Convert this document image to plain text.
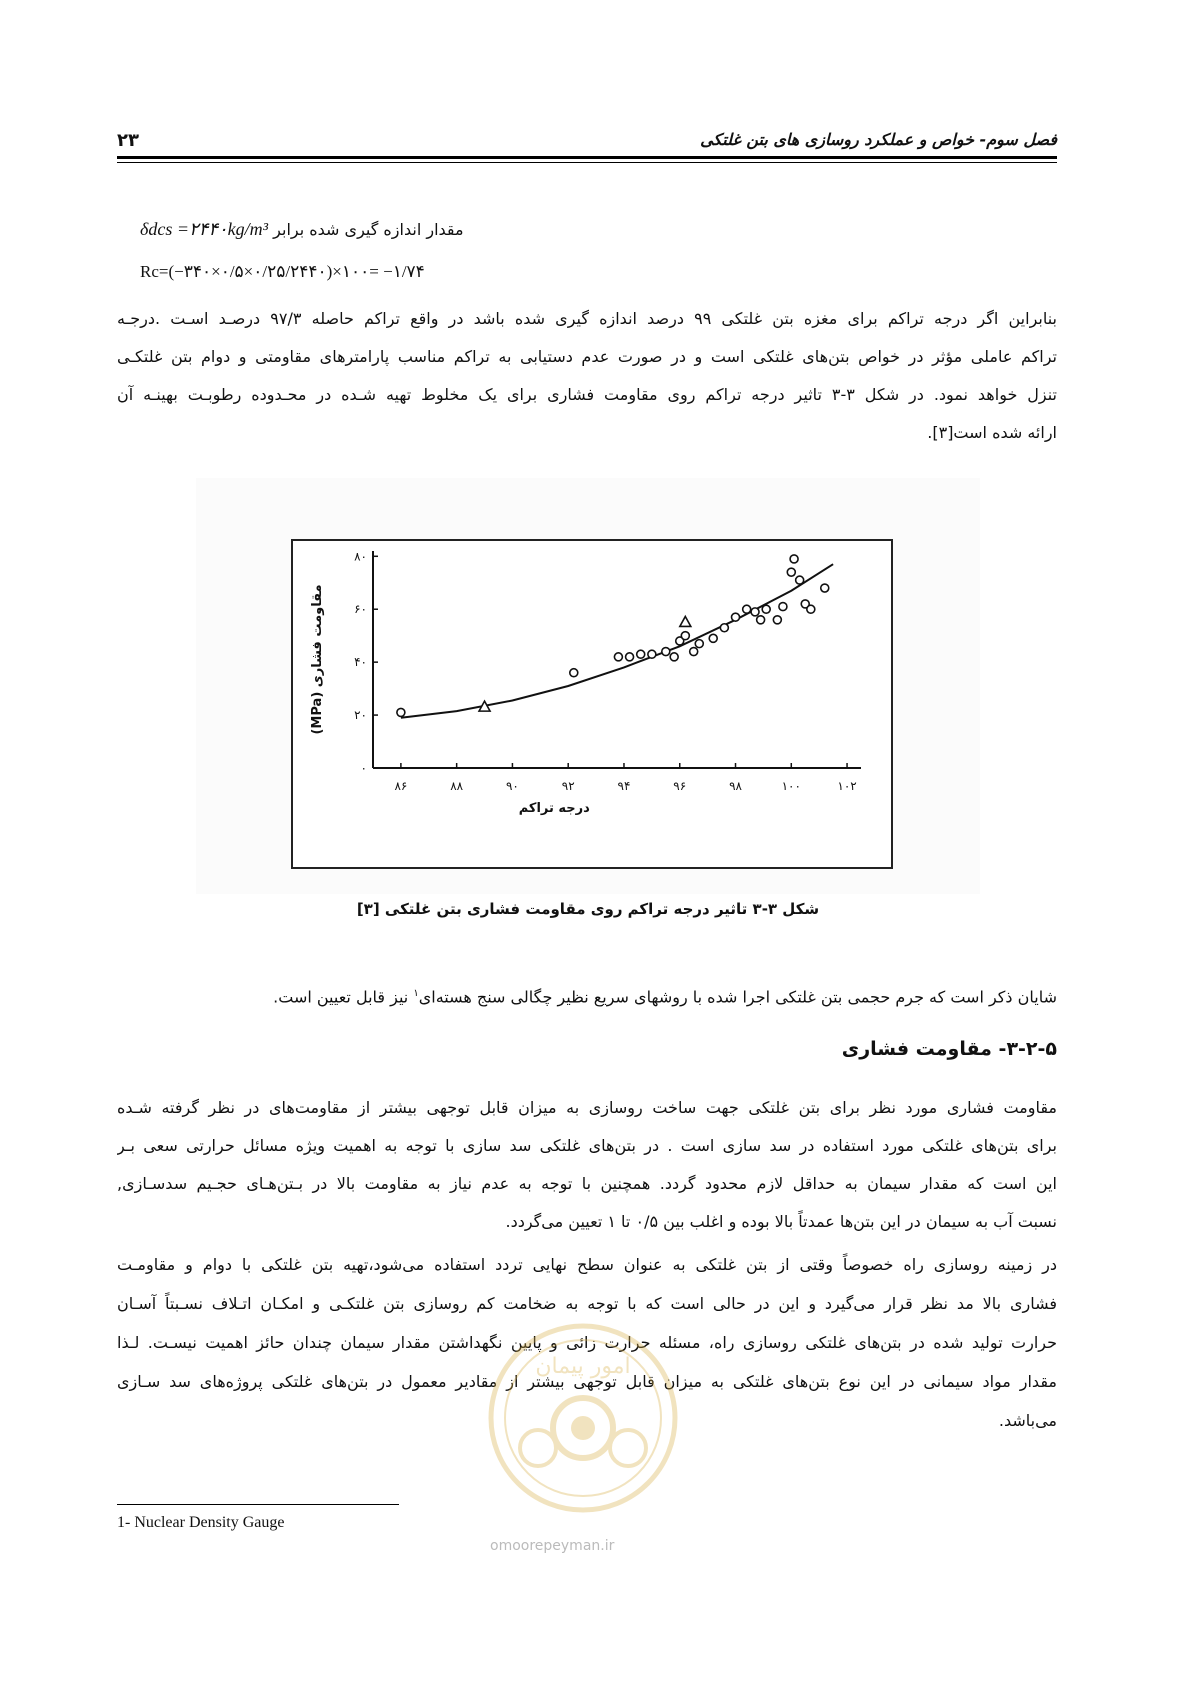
۲۳	فصل سوم- خواص و عملکرد روسازی های بتن غلتکی
مقدار اندازه گیری شده برابر δdcs =۲۴۴۰kg/m³
Rc=(−۳۴۰×۰/۵×۰/۲۵/۲۴۴۰)×۱۰۰= −۱/۷۴
بنابراین اگر درجه تراکم برای مغزه بتن غلتکی ۹۹ درصد اندازه گیری شده باشد در واقع تراکم حاصله ۹۷/۳ درصـد اسـت .درجـه
تراکم عاملی مؤثر در خواص بتن‌های غلتکی است و در صورت عدم دستیابی به تراکم مناسب پارامترهای مقاومتی و دوام بتن غلتکـی
تنزل خواهد نمود. در شکل ۳-۳ تاثیر درجه تراکم روی مقاومت فشاری برای یک مخلوط تهیه شـده در محـدوده رطوبـت بهینـه آن
ارائه شده است[۳].
۰
۲۰
۴۰
۶۰
۸۰
۸۶	۸۸	۹۰	۹۲	۹۴	۹۶	۹۸	۱۰۰	۱۰۲
درجه تراکم
مقاومت فشاری (MPa)
شکل ۳-۳ تاثیر درجه تراکم روی مقاومت فشاری بتن غلتکی [۳]
شایان ذکر است که جرم حجمی بتن غلتکی اجرا شده با روشهای سریع نظیر چگالی سنج هسته‌ای$^۱$ نیز قابل تعیین است.
۳-۲-۵- مقاومت فشاری
مقاومت فشاری مورد نظر برای بتن غلتکی جهت ساخت روسازی به میزان قابل توجهی بیشتر از مقاومت‌های در نظر گرفته شـده
برای بتن‌های غلتکی مورد استفاده در سد سازی است . در بتن‌های غلتکی سد سازی با توجه به اهمیت ویژه مسائل حرارتی سعی بـر
این است که مقدار سیمان به حداقل لازم محدود گردد. همچنین با توجه به عدم نیاز به مقاومت بالا در بـتن‌هـای حجـیم سدسـازی,
نسبت آب به سیمان در این بتن‌ها عمدتاً بالا بوده و اغلب بین ۰/۵ تا ۱ تعیین می‌گردد.
در زمینه روسازی راه خصوصاً وقتی از بتن غلتکی به عنوان سطح نهایی تردد استفاده می‌شود،تهیه بتن غلتکی با دوام و مقاومـت
فشاری بالا مد نظر قرار می‌گیرد و این در حالی است که با توجه به ضخامت کم روسازی بتن غلتکـی و امکـان اتـلاف نسـبتاً آسـان
حرارت تولید شده در بتن‌های غلتکی روسازی راه، مسئله حرارت زائی و پایین نگهداشتن مقدار سیمان چندان حائز اهمیت نیسـت. لـذا
مقدار مواد سیمانی در این نوع بتن‌های غلتکی به میزان قابل توجهی بیشتر از مقادیر معمول در بتن‌های غلتکی پروژه‌های سد سـازی
می‌باشد.
امور پیمان
omoorepeyman.ir
1- Nuclear Density Gauge
